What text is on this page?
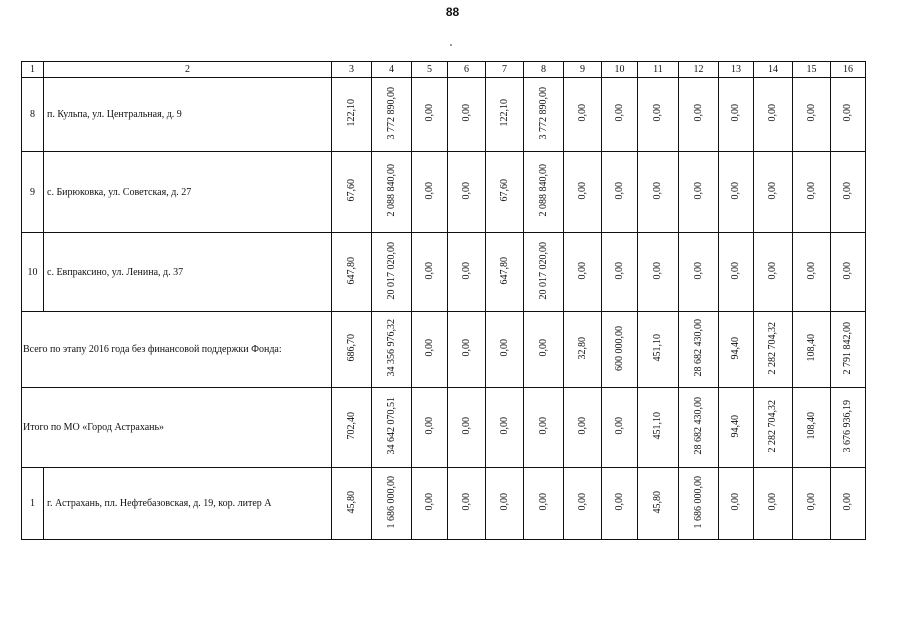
88
1	2	3	4	5	6	7	8	9	10	11	12	13	14	15	16
8	п. Кульпа, ул. Центральная, д. 9	122,10	3 772 890,00	0,00	0,00	122,10	3 772 890,00	0,00	0,00	0,00	0,00	0,00	0,00	0,00	0,00
9	с. Бирюковка, ул. Советская, д. 27	67,60	2 088 840,00	0,00	0,00	67,60	2 088 840,00	0,00	0,00	0,00	0,00	0,00	0,00	0,00	0,00
10	с. Евпраксино, ул. Ленина, д. 37	647,80	20 017 020,00	0,00	0,00	647,80	20 017 020,00	0,00	0,00	0,00	0,00	0,00	0,00	0,00	0,00
Всего по этапу 2016 года без финансовой поддержки Фонда:		686,70	34 356 976,32	0,00	0,00	0,00	0,00	32,80	600 000,00	451,10	28 682 430,00	94,40	2 282 704,32	108,40	2 791 842,00
Итого по МО «Город Астрахань»		702,40	34 642 070,51	0,00	0,00	0,00	0,00	0,00	0,00	451,10	28 682 430,00	94,40	2 282 704,32	108,40	3 676 936,19
1	г. Астрахань, пл. Нефтебазовская, д. 19, кор. литер А	45,80	1 686 000,00	0,00	0,00	0,00	0,00	0,00	0,00	45,80	1 686 000,00	0,00	0,00	0,00	0,00
